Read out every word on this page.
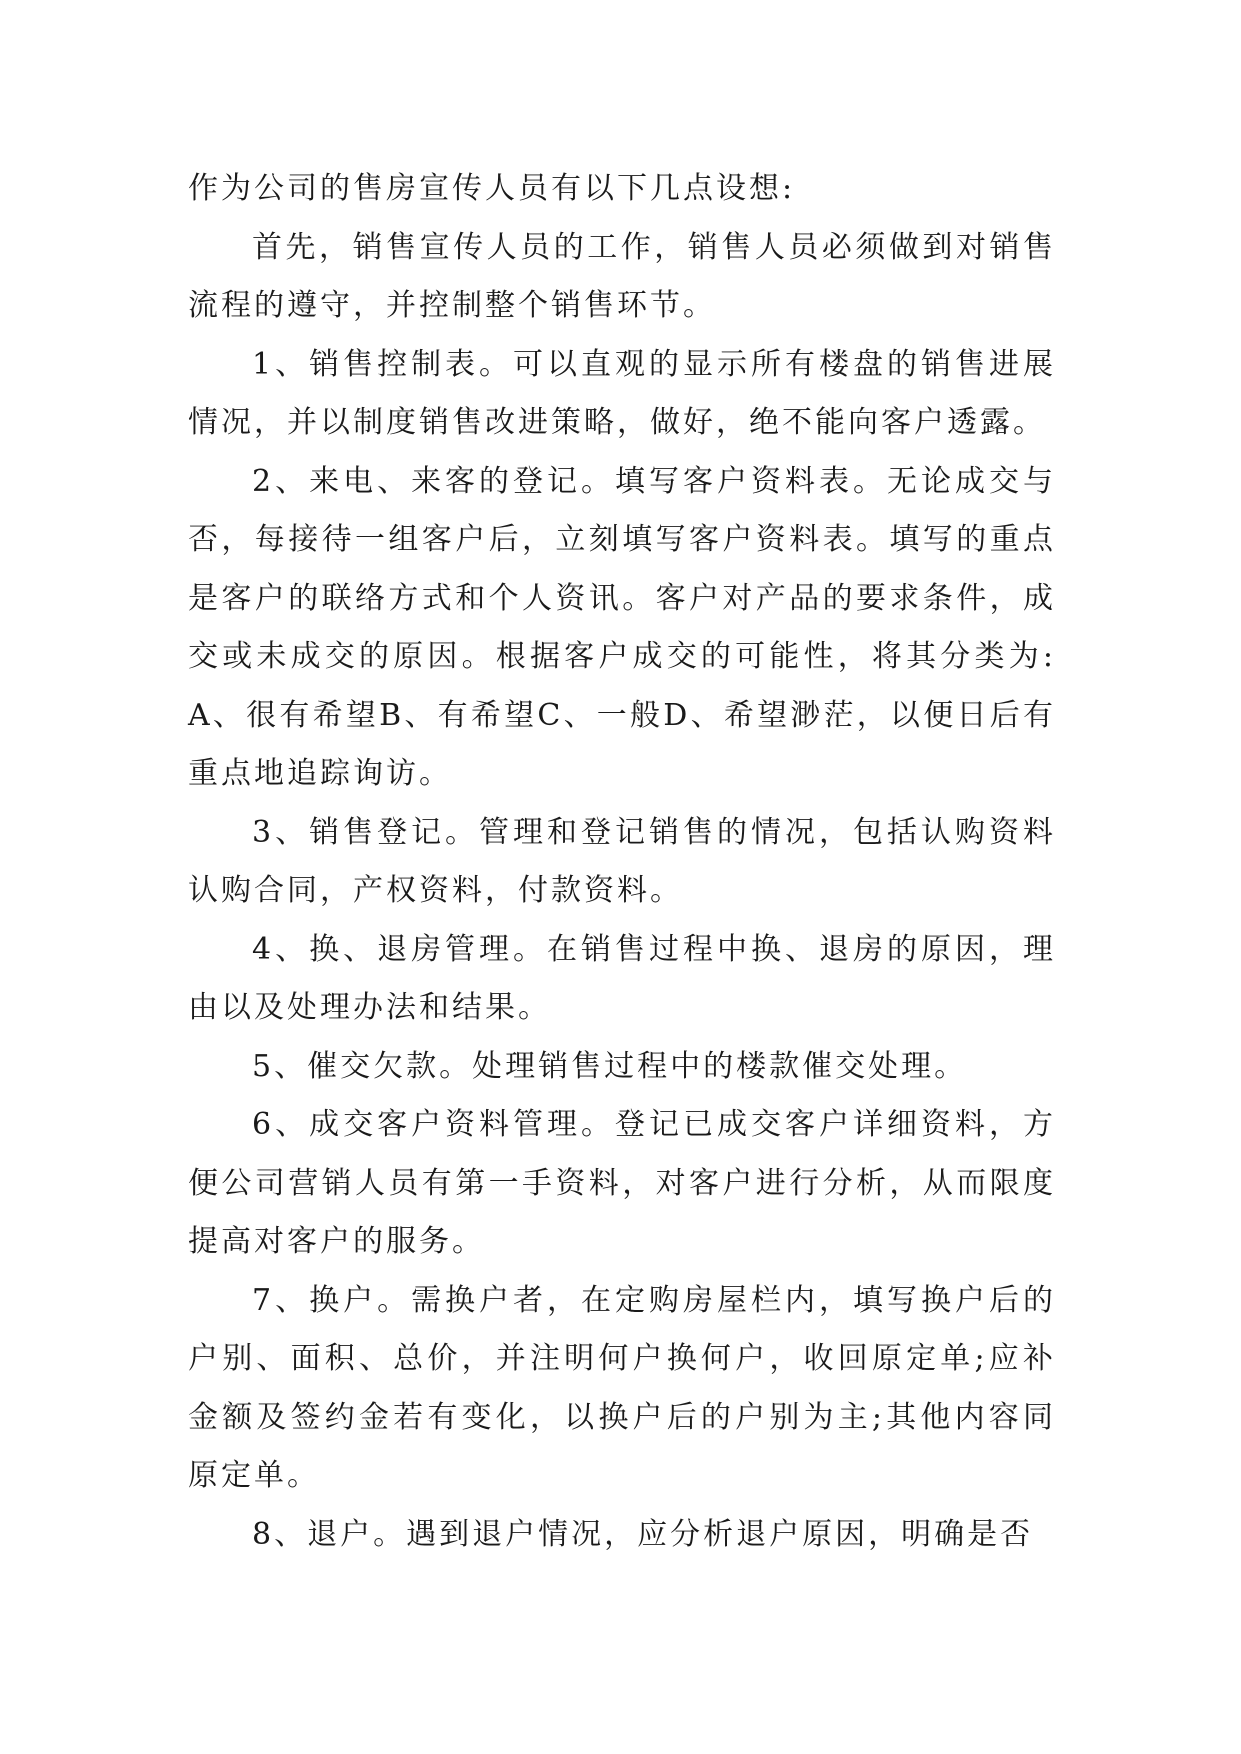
作为公司的售房宣传人员有以下几点设想:

首先，销售宣传人员的工作，销售人员必须做到对销售流程的遵守，并控制整个销售环节。

1、销售控制表。可以直观的显示所有楼盘的销售进展情况，并以制度销售改进策略，做好，绝不能向客户透露。

2、来电、来客的登记。填写客户资料表。无论成交与否，每接待一组客户后，立刻填写客户资料表。填写的重点是客户的联络方式和个人资讯。客户对产品的要求条件，成交或未成交的原因。根据客户成交的可能性，将其分类为:A、很有希望B、有希望C、一般D、希望渺茫，以便日后有重点地追踪询访。

3、销售登记。管理和登记销售的情况，包括认购资料认购合同，产权资料，付款资料。

4、换、退房管理。在销售过程中换、退房的原因，理由以及处理办法和结果。

5、催交欠款。处理销售过程中的楼款催交处理。

6、成交客户资料管理。登记已成交客户详细资料，方便公司营销人员有第一手资料，对客户进行分析，从而限度提高对客户的服务。

7、换户。需换户者，在定购房屋栏内，填写换户后的户别、面积、总价，并注明何户换何户，收回原定单;应补金额及签约金若有变化，以换户后的户别为主;其他内容同原定单。

8、退户。遇到退户情况，应分析退户原因，明确是否
